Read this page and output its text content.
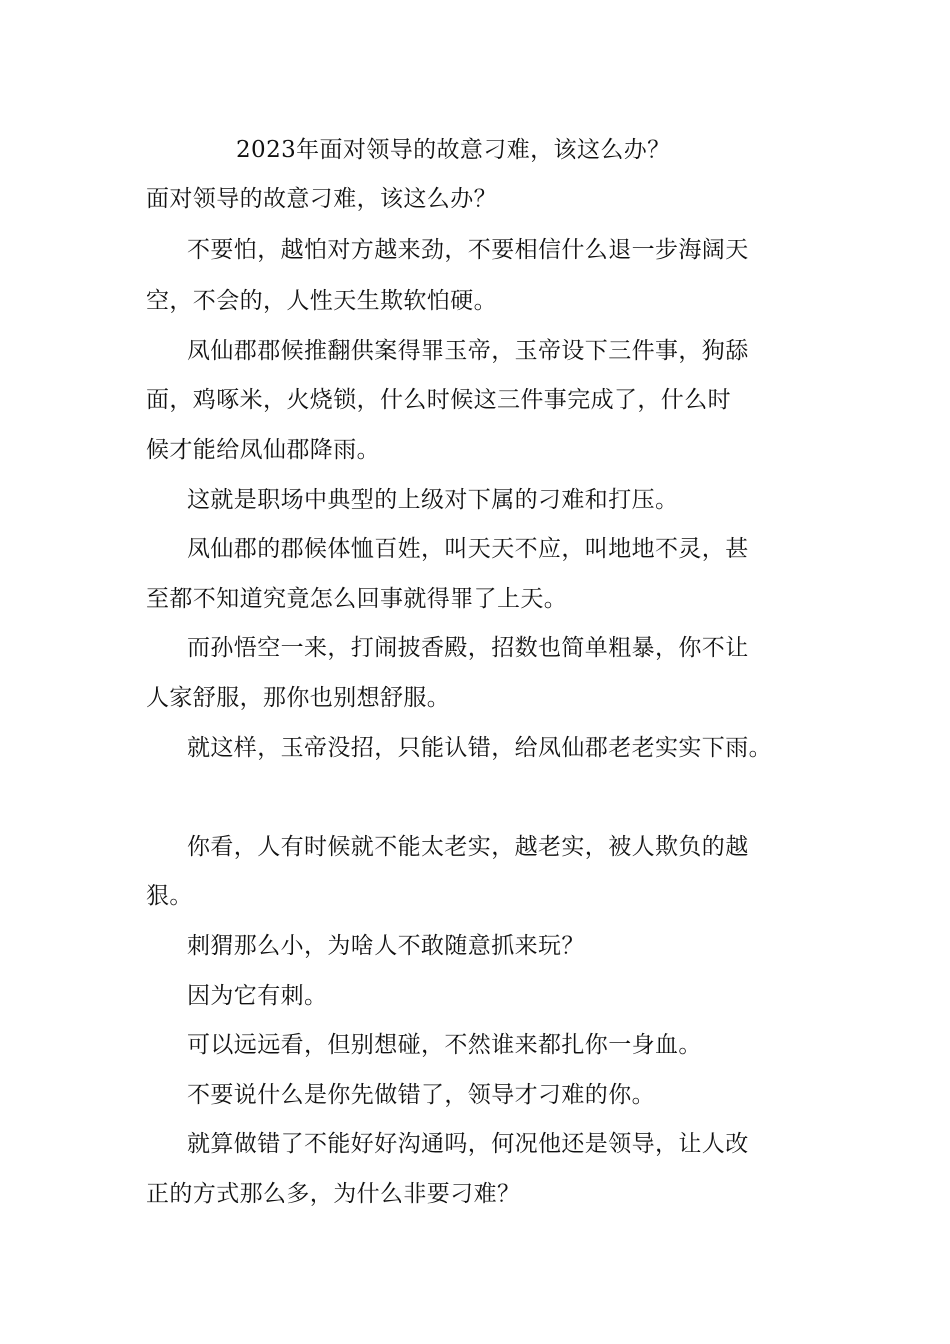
2023年面对领导的故意刁难，该这么办？
面对领导的故意刁难，该这么办？
不要怕，越怕对方越来劲，不要相信什么退一步海阔天
空，不会的，人性天生欺软怕硬。
凤仙郡郡候推翻供案得罪玉帝，玉帝设下三件事，狗舔
面，鸡啄米，火烧锁，什么时候这三件事完成了，什么时
候才能给凤仙郡降雨。
这就是职场中典型的上级对下属的刁难和打压。
凤仙郡的郡候体恤百姓，叫天天不应，叫地地不灵，甚
至都不知道究竟怎么回事就得罪了上天。
而孙悟空一来，打闹披香殿，招数也简单粗暴，你不让
人家舒服，那你也别想舒服。
就这样，玉帝没招，只能认错，给凤仙郡老老实实下雨。
你看，人有时候就不能太老实，越老实，被人欺负的越
狠。
刺猬那么小，为啥人不敢随意抓来玩？
因为它有刺。
可以远远看，但别想碰，不然谁来都扎你一身血。
不要说什么是你先做错了，领导才刁难的你。
就算做错了不能好好沟通吗，何况他还是领导，让人改
正的方式那么多，为什么非要刁难？
